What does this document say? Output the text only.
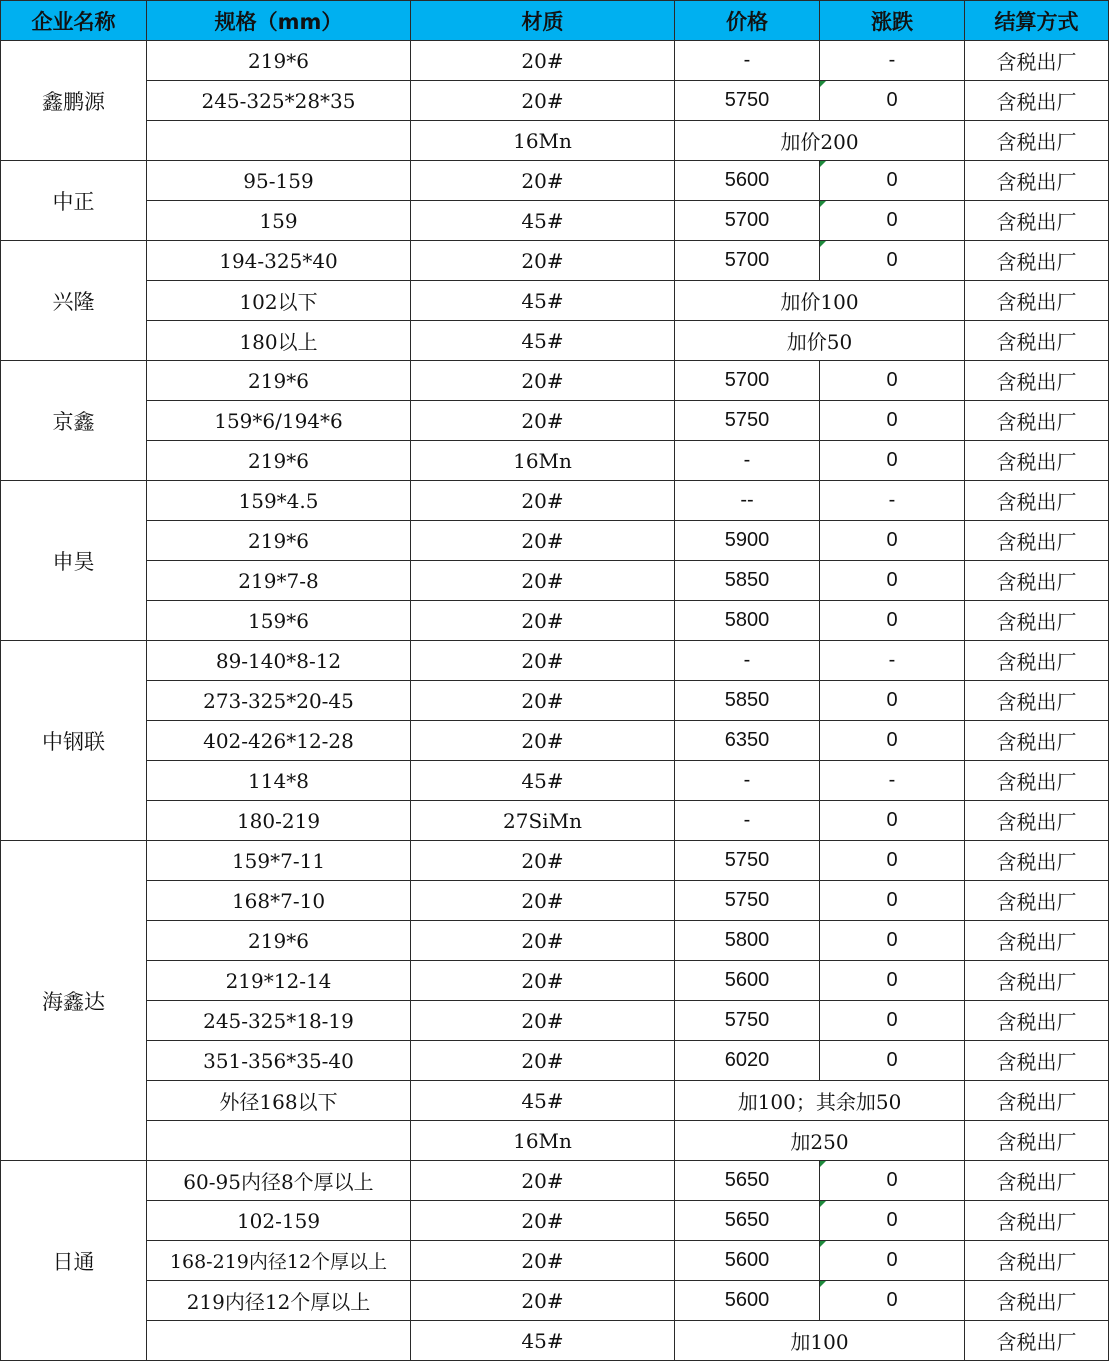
企业名称	规格（mm）	材质	价格	涨跌	结算方式
鑫鹏源	219*6	20#	-	-	含税出厂
	245-325*28*35	20#	5750	0	含税出厂
		16Mn	加价200		含税出厂
中正	95-159	20#	5600	0	含税出厂
	159	45#	5700	0	含税出厂
兴隆	194-325*40	20#	5700	0	含税出厂
	102以下	45#	加价100		含税出厂
	180以上	45#	加价50		含税出厂
京鑫	219*6	20#	5700	0	含税出厂
	159*6/194*6	20#	5750	0	含税出厂
	219*6	16Mn	-	0	含税出厂
申昊	159*4.5	20#	--	-	含税出厂
	219*6	20#	5900	0	含税出厂
	219*7-8	20#	5850	0	含税出厂
	159*6	20#	5800	0	含税出厂
中钢联	89-140*8-12	20#	-	-	含税出厂
	273-325*20-45	20#	5850	0	含税出厂
	402-426*12-28	20#	6350	0	含税出厂
	114*8	45#	-	-	含税出厂
	180-219	27SiMn	-	0	含税出厂
海鑫达	159*7-11	20#	5750	0	含税出厂
	168*7-10	20#	5750	0	含税出厂
	219*6	20#	5800	0	含税出厂
	219*12-14	20#	5600	0	含税出厂
	245-325*18-19	20#	5750	0	含税出厂
	351-356*35-40	20#	6020	0	含税出厂
	外径168以下	45#	加100；其余加50		含税出厂
		16Mn	加250		含税出厂
日通	60-95内径8个厚以上	20#	5650	0	含税出厂
	102-159	20#	5650	0	含税出厂
	168-219内径12个厚以上	20#	5600	0	含税出厂
	219内径12个厚以上	20#	5600	0	含税出厂
		45#	加100		含税出厂
